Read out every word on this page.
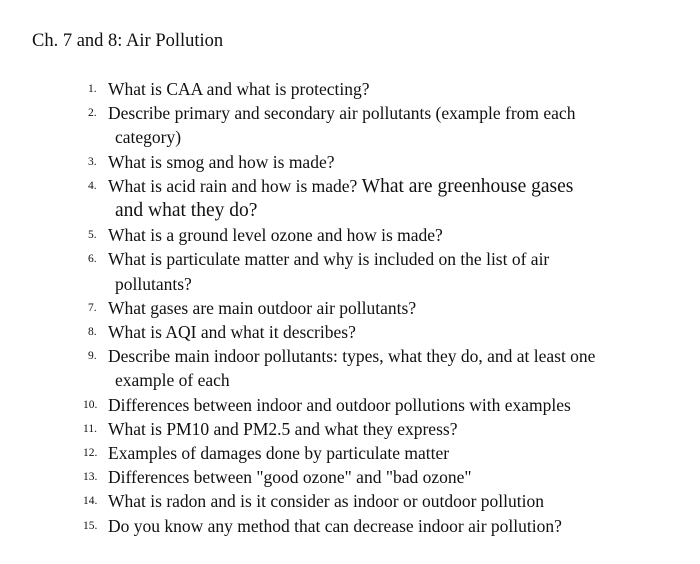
Ch. 7 and 8: Air Pollution
1. What is CAA and what is protecting?
2. Describe primary and secondary air pollutants (example from each
category)
3. What is smog and how is made?
4. What is acid rain and how is made? What are greenhouse gases
and what they do?
5. What is a ground level ozone and how is made?
6. What is particulate matter and why is included on the list of air
pollutants?
7. What gases are main outdoor air pollutants?
8. What is AQI and what it describes?
9. Describe main indoor pollutants: types, what they do, and at least one
example of each
10. Differences between indoor and outdoor pollutions with examples
11. What is PM10 and PM2.5 and what they express?
12. Examples of damages done by particulate matter
13. Differences between "good ozone" and "bad ozone"
14. What is radon and is it consider as indoor or outdoor pollution
15. Do you know any method that can decrease indoor air pollution?
